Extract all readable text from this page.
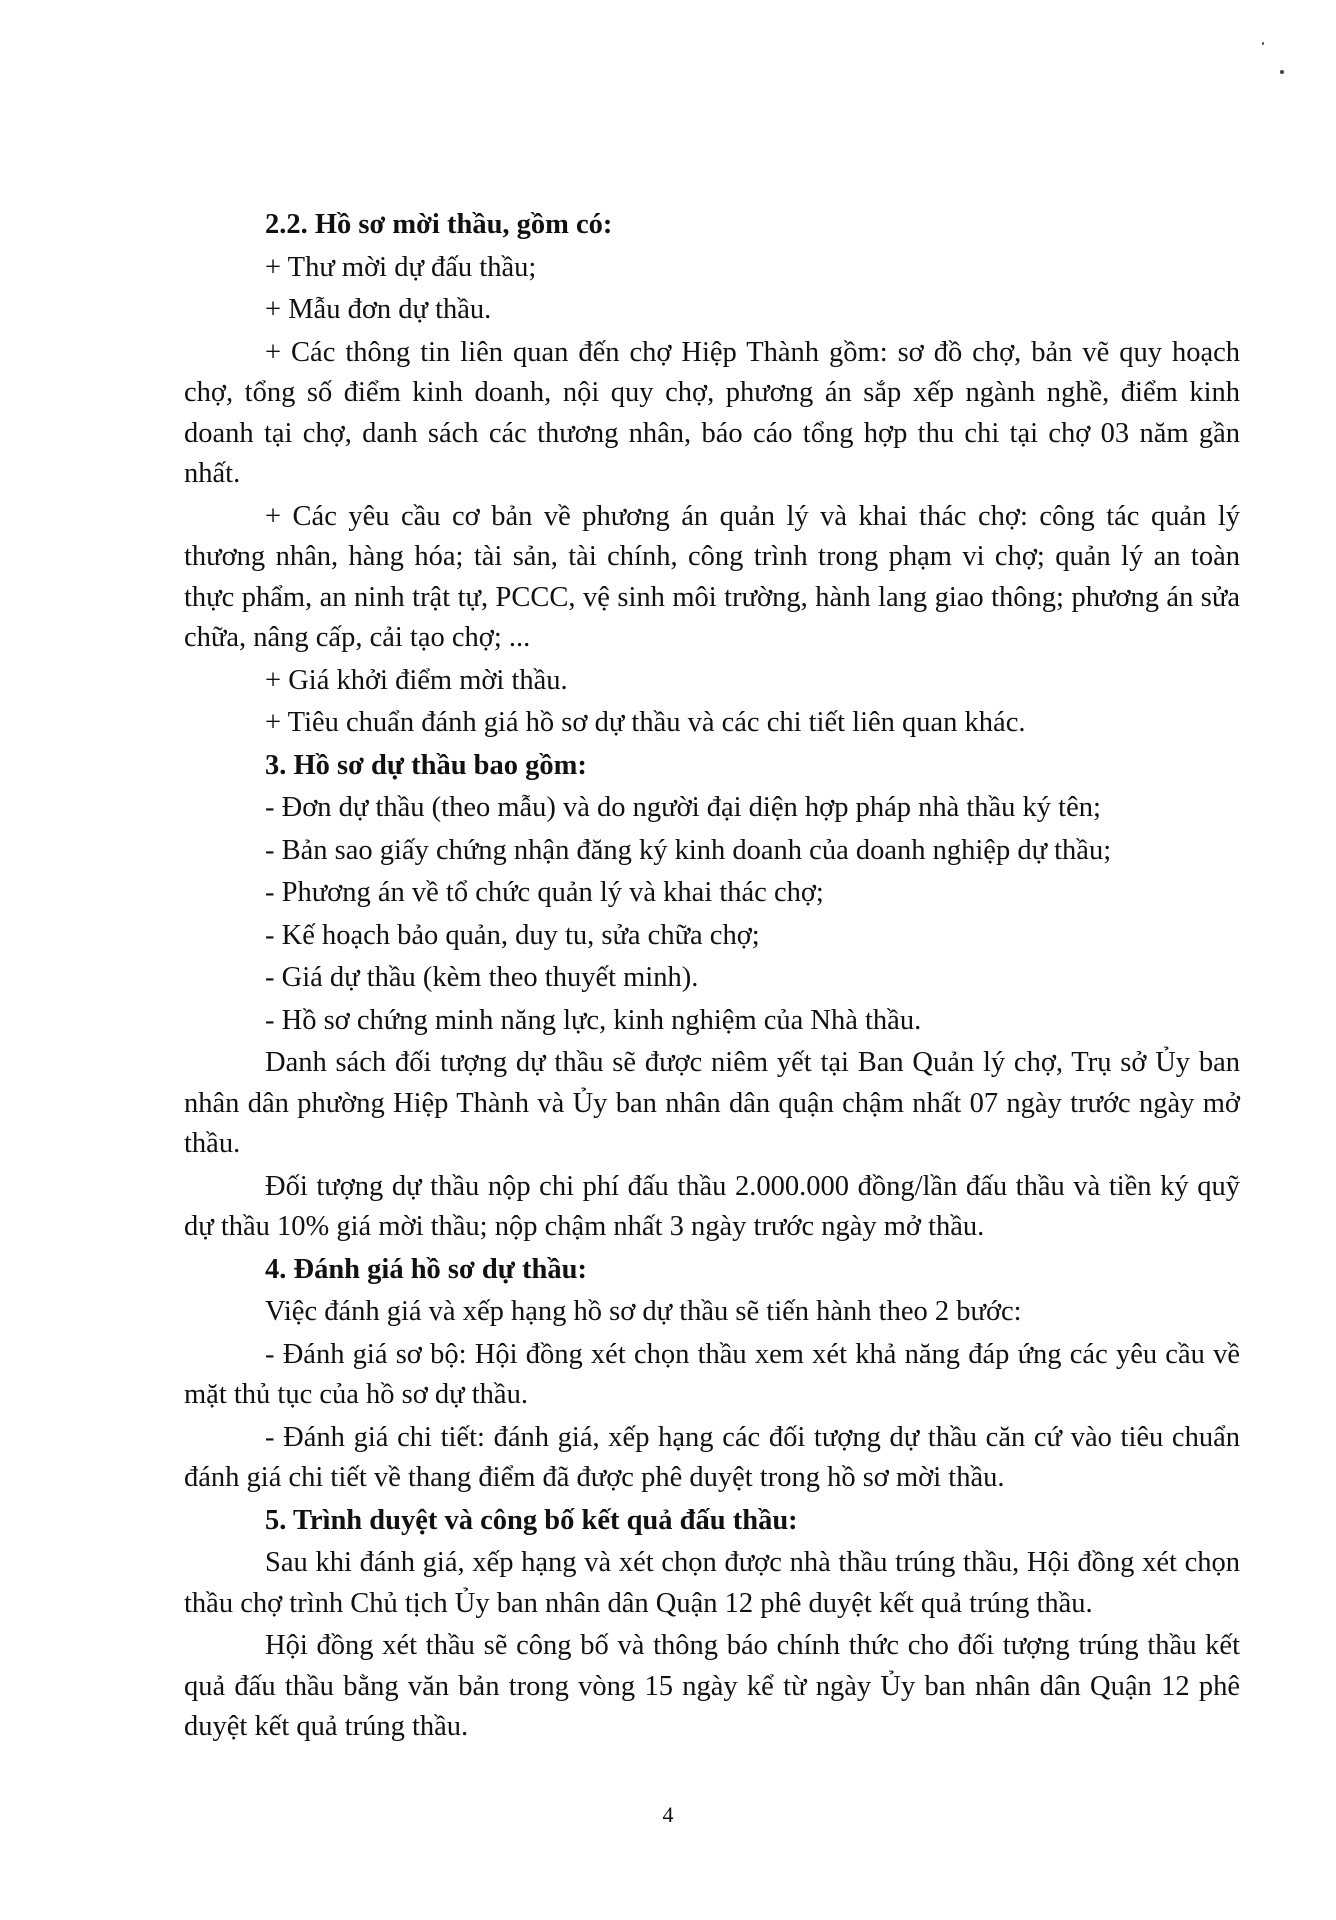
2.2. Hồ sơ mời thầu, gồm có:

+ Thư mời dự đấu thầu;

+ Mẫu đơn dự thầu.

+ Các thông tin liên quan đến chợ Hiệp Thành gồm: sơ đồ chợ, bản vẽ quy hoạch chợ, tổng số điểm kinh doanh, nội quy chợ, phương án sắp xếp ngành nghề, điểm kinh doanh tại chợ, danh sách các thương nhân, báo cáo tổng hợp thu chi tại chợ 03 năm gần nhất.

+ Các yêu cầu cơ bản về phương án quản lý và khai thác chợ: công tác quản lý thương nhân, hàng hóa; tài sản, tài chính, công trình trong phạm vi chợ; quản lý an toàn thực phẩm, an ninh trật tự, PCCC, vệ sinh môi trường, hành lang giao thông; phương án sửa chữa, nâng cấp, cải tạo chợ; ...

+ Giá khởi điểm mời thầu.

+ Tiêu chuẩn đánh giá hồ sơ dự thầu và các chi tiết liên quan khác.

3. Hồ sơ dự thầu bao gồm:

- Đơn dự thầu (theo mẫu) và do người đại diện hợp pháp nhà thầu ký tên;

- Bản sao giấy chứng nhận đăng ký kinh doanh của doanh nghiệp dự thầu;

- Phương án về tổ chức quản lý và khai thác chợ;

- Kế hoạch bảo quản, duy tu, sửa chữa chợ;

- Giá dự thầu (kèm theo thuyết minh).

- Hồ sơ chứng minh năng lực, kinh nghiệm của Nhà thầu.

Danh sách đối tượng dự thầu sẽ được niêm yết tại Ban Quản lý chợ, Trụ sở Ủy ban nhân dân phường Hiệp Thành và Ủy ban nhân dân quận chậm nhất 07 ngày trước ngày mở thầu.

Đối tượng dự thầu nộp chi phí đấu thầu 2.000.000 đồng/lần đấu thầu và tiền ký quỹ dự thầu 10% giá mời thầu; nộp chậm nhất 3 ngày trước ngày mở thầu.

4. Đánh giá hồ sơ dự thầu:

Việc đánh giá và xếp hạng hồ sơ dự thầu sẽ tiến hành theo 2 bước:

- Đánh giá sơ bộ: Hội đồng xét chọn thầu xem xét khả năng đáp ứng các yêu cầu về mặt thủ tục của hồ sơ dự thầu.

- Đánh giá chi tiết: đánh giá, xếp hạng các đối tượng dự thầu căn cứ vào tiêu chuẩn đánh giá chi tiết về thang điểm đã được phê duyệt trong hồ sơ mời thầu.

5. Trình duyệt và công bố kết quả đấu thầu:

Sau khi đánh giá, xếp hạng và xét chọn được nhà thầu trúng thầu, Hội đồng xét chọn thầu chợ trình Chủ tịch Ủy ban nhân dân Quận 12 phê duyệt kết quả trúng thầu.

Hội đồng xét thầu sẽ công bố và thông báo chính thức cho đối tượng trúng thầu kết quả đấu thầu bằng văn bản trong vòng 15 ngày kể từ ngày Ủy ban nhân dân Quận 12 phê duyệt kết quả trúng thầu.

4
